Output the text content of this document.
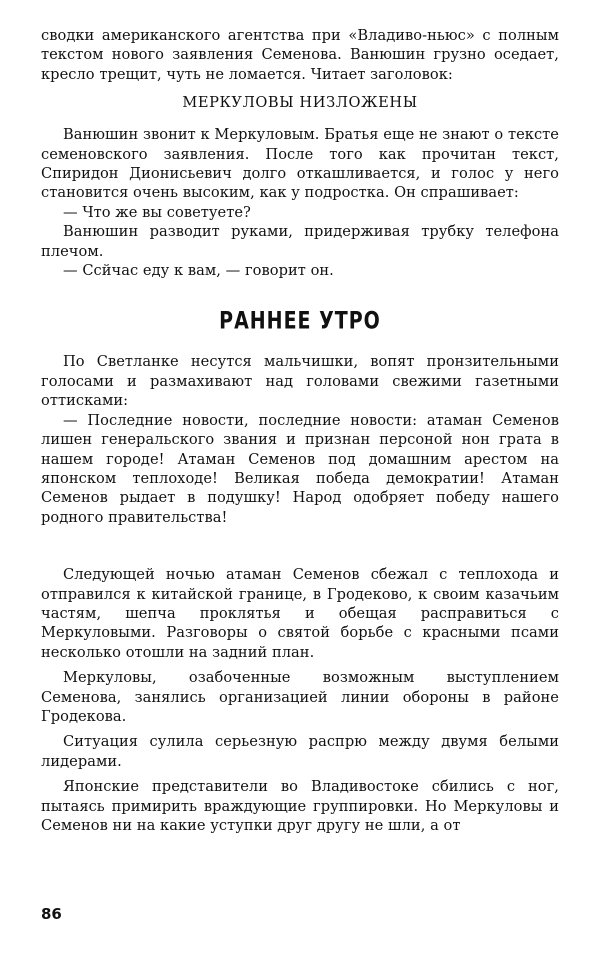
сводки американского агентства при «Владиво-ньюс» с полным текстом нового заявления Семенова. Ванюшин грузно оседает, кресло трещит, чуть не ломается. Читает заголовок:

МЕРКУЛОВЫ НИЗЛОЖЕНЫ

Ванюшин звонит к Меркуловым. Братья еще не знают о тексте семеновского заявления. После того как прочитан текст, Спиридон Дионисьевич долго откашливается, и голос у него становится очень высоким, как у подростка. Он спрашивает:

— Что же вы советуете?

Ванюшин разводит руками, придерживая трубку телефона плечом.

— Ссйчас еду к вам, — говорит он.

РАННЕЕ УТРО

По Светланке несутся мальчишки, вопят пронзительными голосами и размахивают над головами свежими газетными оттисками:

— Последние новости, последние новости: атаман Семенов лишен генеральского звания и признан персоной нон грата в нашем городе! Атаман Семенов под домашним арестом на японском теплоходе! Великая победа демократии! Атаман Семенов рыдает в подушку! Народ одобряет победу нашего родного правительства!

Следующей ночью атаман Семенов сбежал с теплохода и отправился к китайской границе, в Гродеково, к своим казачьим частям, шепча проклятья и обещая расправиться с Меркуловыми. Разговоры о святой борьбе с красными псами несколько отошли на задний план.

Меркуловы, озабоченные возможным выступлением Семенова, занялись организацией линии обороны в районе Гродекова.

Ситуация сулила серьезную распрю между двумя белыми лидерами.

Японские представители во Владивостоке сбились с ног, пытаясь примирить враждующие группировки. Но Меркуловы и Семенов ни на какие уступки друг другу не шли, а от

86
